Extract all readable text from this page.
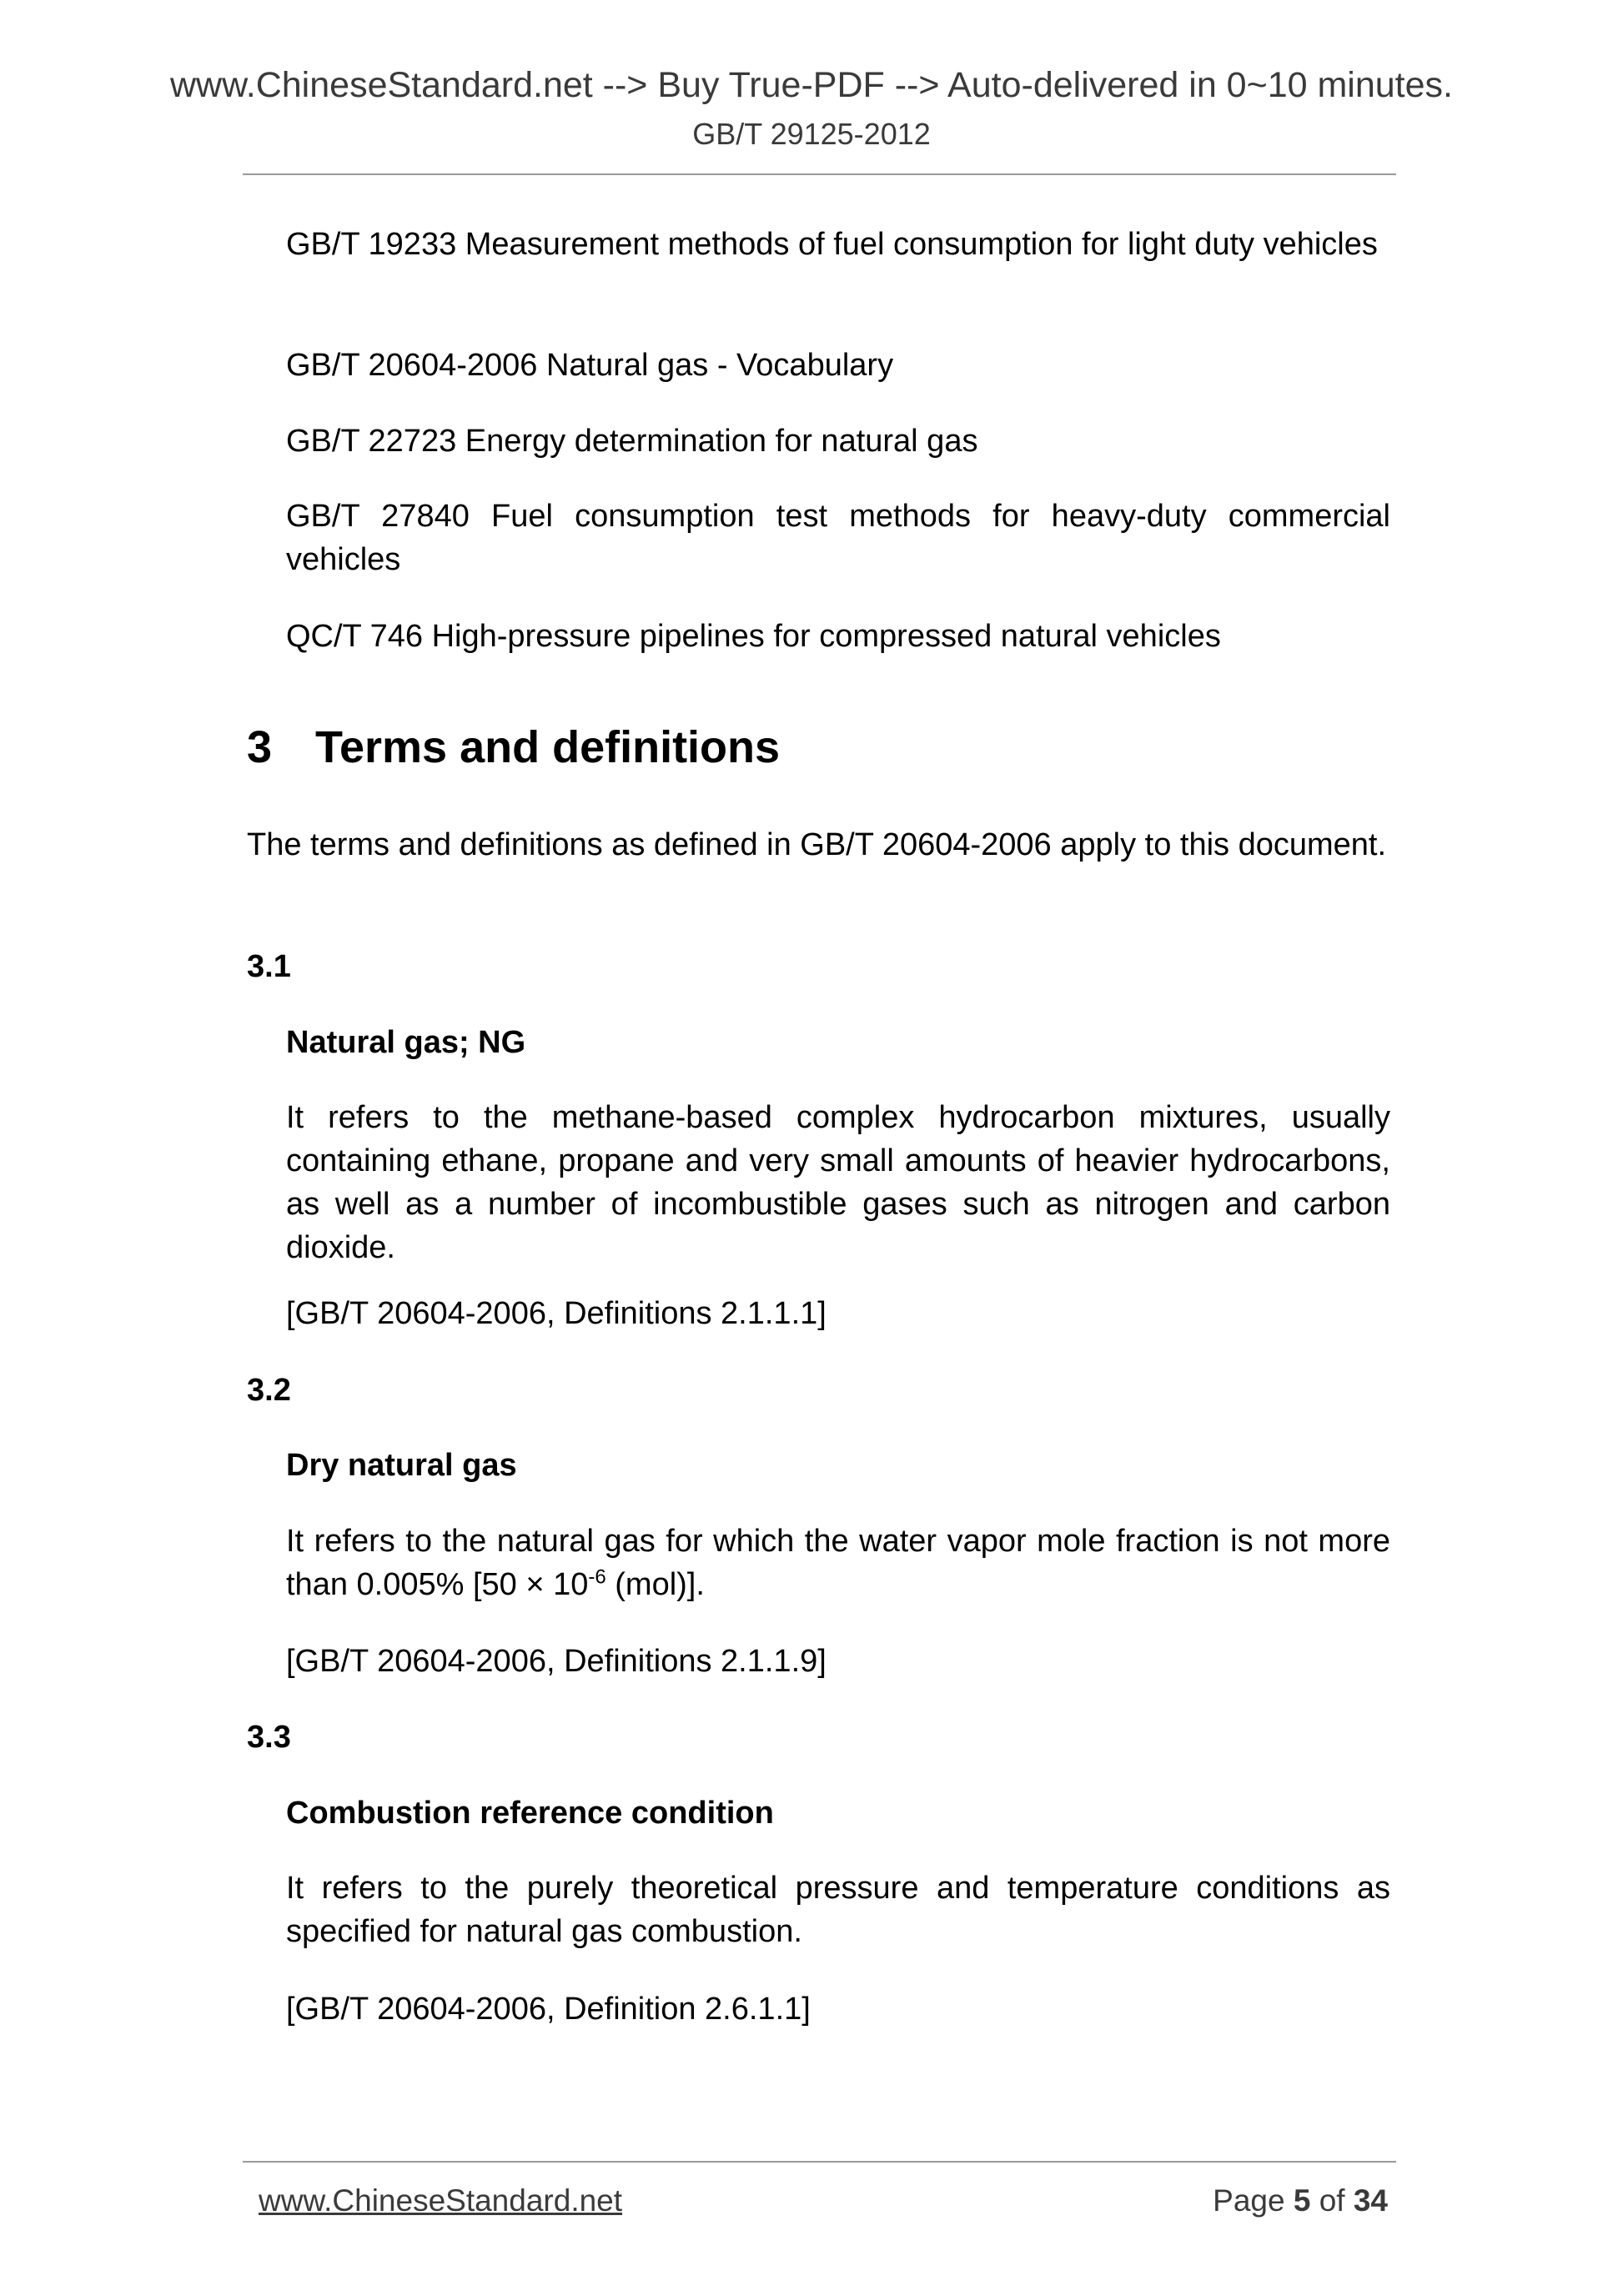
www.ChineseStandard.net --> Buy True-PDF --> Auto-delivered in 0~10 minutes.
GB/T 29125-2012

GB/T 19233 Measurement methods of fuel consumption for light duty vehicles

GB/T 20604-2006 Natural gas - Vocabulary

GB/T 22723 Energy determination for natural gas

GB/T 27840 Fuel consumption test methods for heavy-duty commercial vehicles

QC/T 746 High-pressure pipelines for compressed natural vehicles

3 Terms and definitions

The terms and definitions as defined in GB/T 20604-2006 apply to this document.

3.1

Natural gas; NG

It refers to the methane-based complex hydrocarbon mixtures, usually containing ethane, propane and very small amounts of heavier hydrocarbons, as well as a number of incombustible gases such as nitrogen and carbon dioxide.

[GB/T 20604-2006, Definitions 2.1.1.1]

3.2

Dry natural gas

It refers to the natural gas for which the water vapor mole fraction is not more than 0.005% [$50 \times 10^{-6}$ (mol)].

[GB/T 20604-2006, Definitions 2.1.1.9]

3.3

Combustion reference condition

It refers to the purely theoretical pressure and temperature conditions as specified for natural gas combustion.

[GB/T 20604-2006, Definition 2.6.1.1]

www.ChineseStandard.net	Page 5 of 34
